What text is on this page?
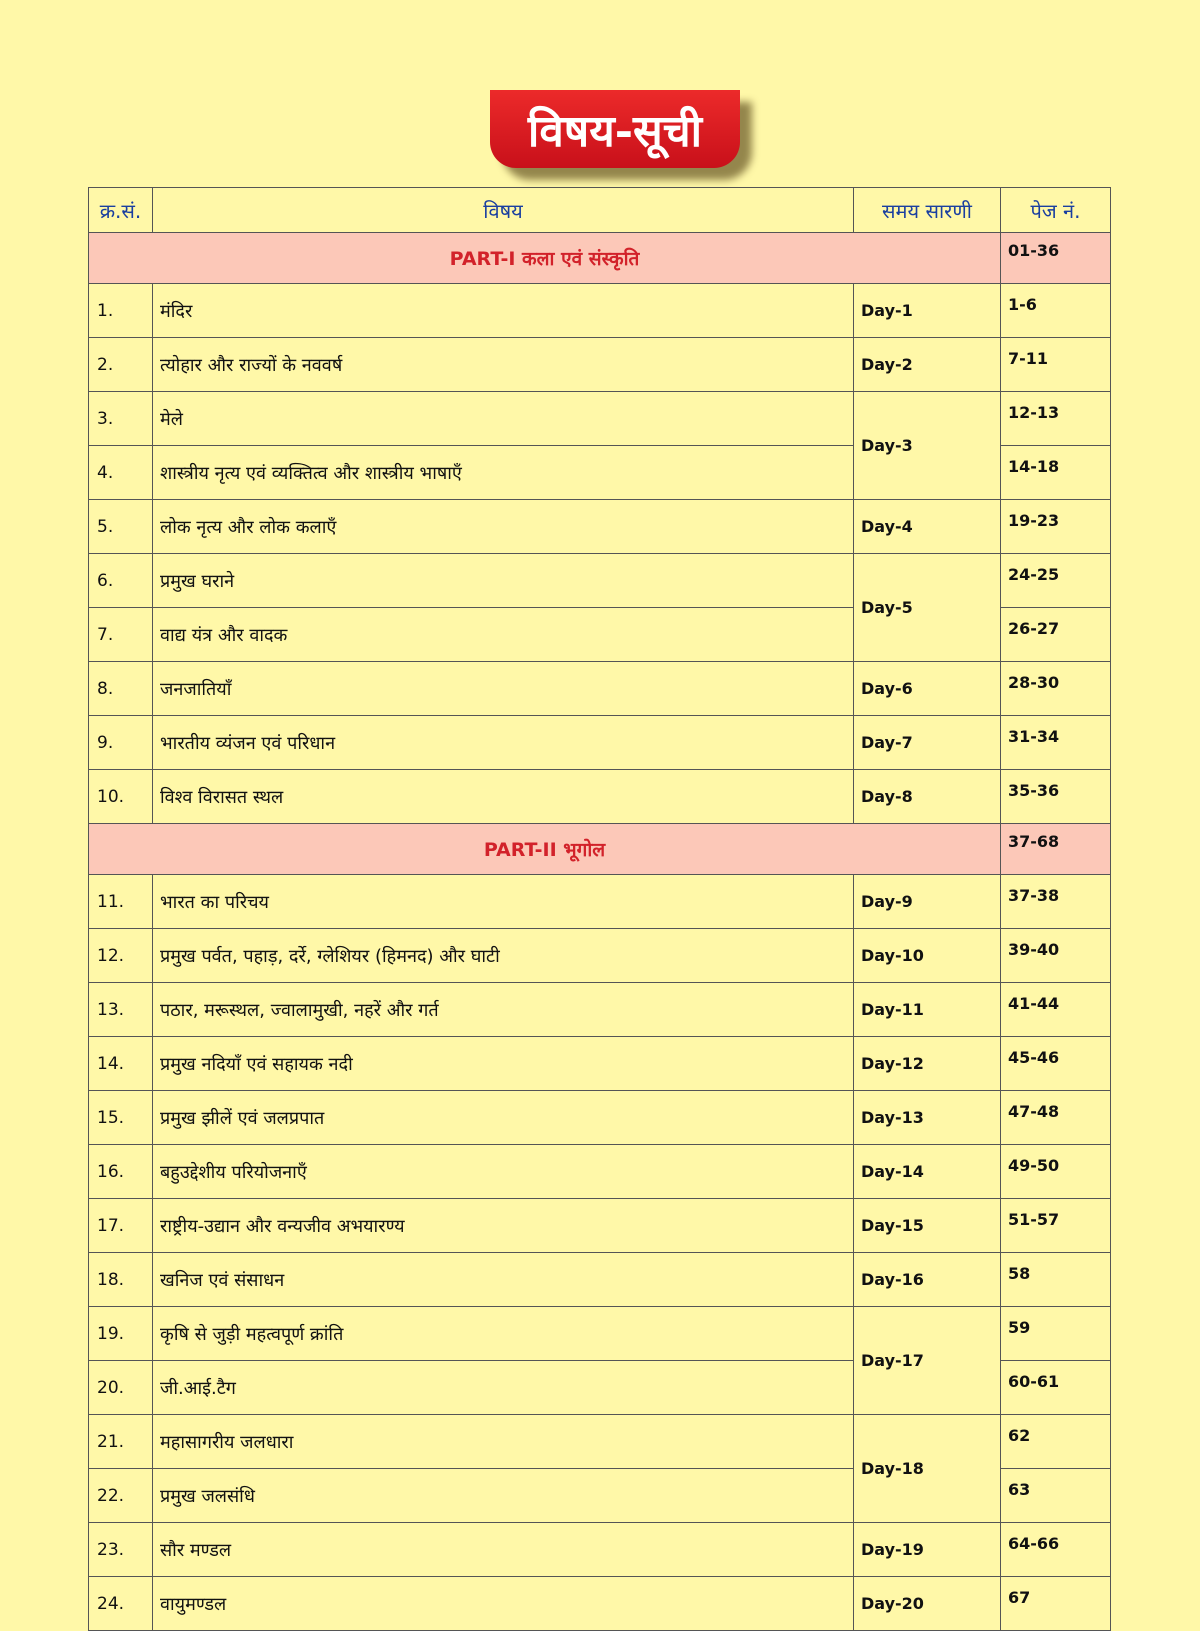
विषय-सूची
क्र.सं.	विषय	समय सारणी	पेज नं.
PART-I कला एवं संस्कृति			01-36
1.	मंदिर	Day-1	1-6
2.	त्योहार और राज्यों के नववर्ष	Day-2	7-11
3.	मेले	Day-3	12-13
4.	शास्त्रीय नृत्य एवं व्यक्तित्व और शास्त्रीय भाषाएँ		14-18
5.	लोक नृत्य और लोक कलाएँ	Day-4	19-23
6.	प्रमुख घराने	Day-5	24-25
7.	वाद्य यंत्र और वादक		26-27
8.	जनजातियाँ	Day-6	28-30
9.	भारतीय व्यंजन एवं परिधान	Day-7	31-34
10.	विश्व विरासत स्थल	Day-8	35-36
PART-II भूगोल			37-68
11.	भारत का परिचय	Day-9	37-38
12.	प्रमुख पर्वत, पहाड़, दर्रे, ग्लेशियर (हिमनद) और घाटी	Day-10	39-40
13.	पठार, मरूस्थल, ज्वालामुखी, नहरें और गर्त	Day-11	41-44
14.	प्रमुख नदियाँ एवं सहायक नदी	Day-12	45-46
15.	प्रमुख झीलें एवं जलप्रपात	Day-13	47-48
16.	बहुउद्देशीय परियोजनाएँ	Day-14	49-50
17.	राष्ट्रीय-उद्यान और वन्यजीव अभयारण्य	Day-15	51-57
18.	खनिज एवं संसाधन	Day-16	58
19.	कृषि से जुड़ी महत्वपूर्ण क्रांति	Day-17	59
20.	जी.आई.टैग		60-61
21.	महासागरीय जलधारा	Day-18	62
22.	प्रमुख जलसंधि		63
23.	सौर मण्डल	Day-19	64-66
24.	वायुमण्डल	Day-20	67
